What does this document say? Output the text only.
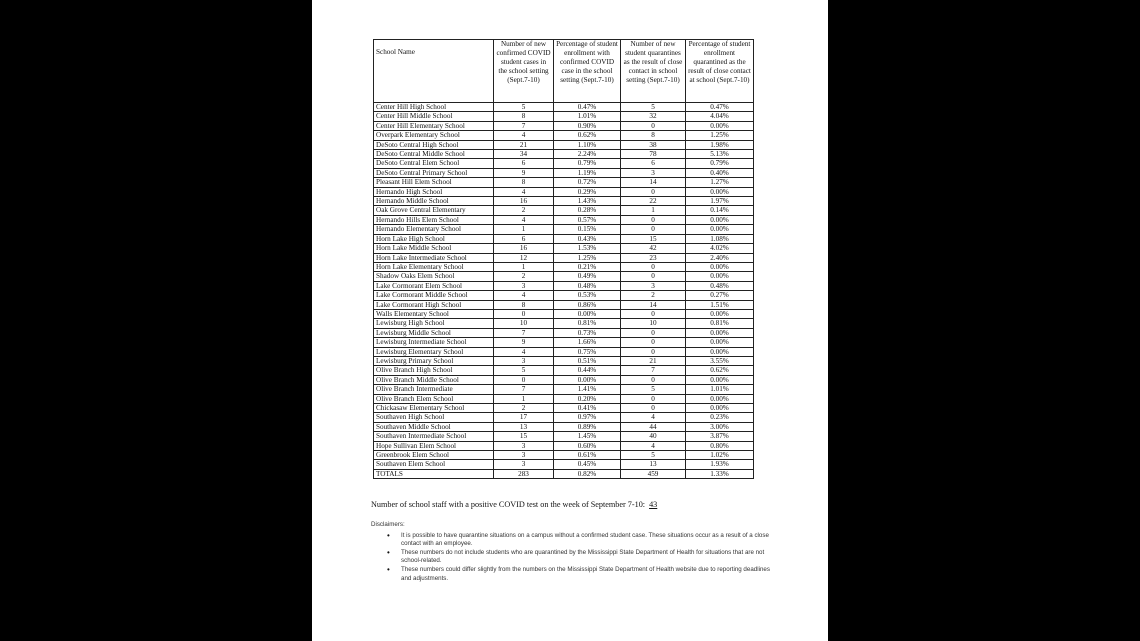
School Name	Number of new confirmed COVID student cases in the school setting (Sept.7-10)	Percentage of student enrollment with confirmed COVID case in the school setting (Sept.7-10)	Number of new student quarantines as the result of close contact in school setting (Sept.7-10)	Percentage of student enrollment quarantined as the result of close contact at school (Sept.7-10)
Center Hill High School	5	0.47%	5	0.47%
Center Hill Middle School	8	1.01%	32	4.04%
Center Hill Elementary School	7	0.90%	0	0.00%
Overpark Elementary School	4	0.62%	8	1.25%
DeSoto Central High School	21	1.10%	38	1.98%
DeSoto Central Middle School	34	2.24%	78	5.13%
DeSoto Central Elem School	6	0.79%	6	0.79%
DeSoto Central Primary School	9	1.19%	3	0.40%
Pleasant Hill Elem School	8	0.72%	14	1.27%
Hernando High School	4	0.29%	0	0.00%
Hernando Middle School	16	1.43%	22	1.97%
Oak Grove Central Elementary	2	0.28%	1	0.14%
Hernando Hills Elem School	4	0.57%	0	0.00%
Hernando Elementary School	1	0.15%	0	0.00%
Horn Lake High School	6	0.43%	15	1.08%
Horn Lake Middle School	16	1.53%	42	4.02%
Horn Lake Intermediate School	12	1.25%	23	2.40%
Horn Lake Elementary School	1	0.21%	0	0.00%
Shadow Oaks Elem School	2	0.49%	0	0.00%
Lake Cormorant Elem School	3	0.48%	3	0.48%
Lake Cormorant Middle School	4	0.53%	2	0.27%
Lake Cormorant High School	8	0.86%	14	1.51%
Walls Elementary School	0	0.00%	0	0.00%
Lewisburg High School	10	0.81%	10	0.81%
Lewisburg Middle School	7	0.73%	0	0.00%
Lewisburg Intermediate School	9	1.66%	0	0.00%
Lewisburg Elementary School	4	0.75%	0	0.00%
Lewisburg Primary School	3	0.51%	21	3.55%
Olive Branch High School	5	0.44%	7	0.62%
Olive Branch Middle School	0	0.00%	0	0.00%
Olive Branch Intermediate	7	1.41%	5	1.01%
Olive Branch Elem School	1	0.20%	0	0.00%
Chickasaw Elementary School	2	0.41%	0	0.00%
Southaven High School	17	0.97%	4	0.23%
Southaven Middle School	13	0.89%	44	3.00%
Southaven Intermediate School	15	1.45%	40	3.87%
Hope Sullivan Elem School	3	0.60%	4	0.80%
Greenbrook Elem School	3	0.61%	5	1.02%
Southaven Elem School	3	0.45%	13	1.93%
TOTALS	283	0.82%	459	1.33%
Number of school staff with a positive COVID test on the week of September 7-10: 43
Disclaimers:
• It is possible to have quarantine situations on a campus without a confirmed student case. These situations occur as a result of a close contact with an employee.
• These numbers do not include students who are quarantined by the Mississippi State Department of Health for situations that are not school-related.
• These numbers could differ slightly from the numbers on the Mississippi State Department of Health website due to reporting deadlines and adjustments.
